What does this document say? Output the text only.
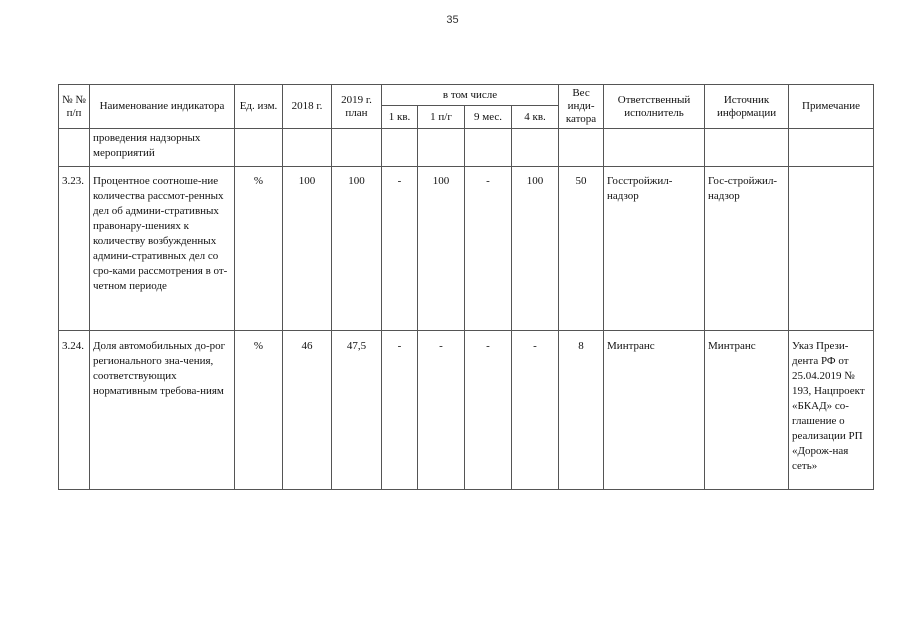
35
№ № п/п	Наименование индикатора	Ед. изм.	2018 г.	2019 г. план	в том числе				Вес инди-катора	Ответственный исполнитель	Источник информации	Примечание
					1 кв.	1 п/г	9 мес.	4 кв.				
	проведения надзорных мероприятий											
3.23.	Процентное соотноше-ние количества рассмот-ренных дел об админи-стративных правонару-шениях к количеству возбужденных админи-стративных дел со сро-ками рассмотрения в от-четном периоде	%	100	100	-	100	-	100	50	Госстройжил-надзор	Гос-стройжил-надзор	
3.24.	Доля автомобильных до-рог регионального зна-чения, соответствующих нормативным требова-ниям	%	46	47,5	-	-	-	-	8	Минтранс	Минтранс	Указ Прези-дента РФ от 25.04.2019 № 193, Нацпроект «БКАД» со-глашение о реализации РП «Дорож-ная сеть»
